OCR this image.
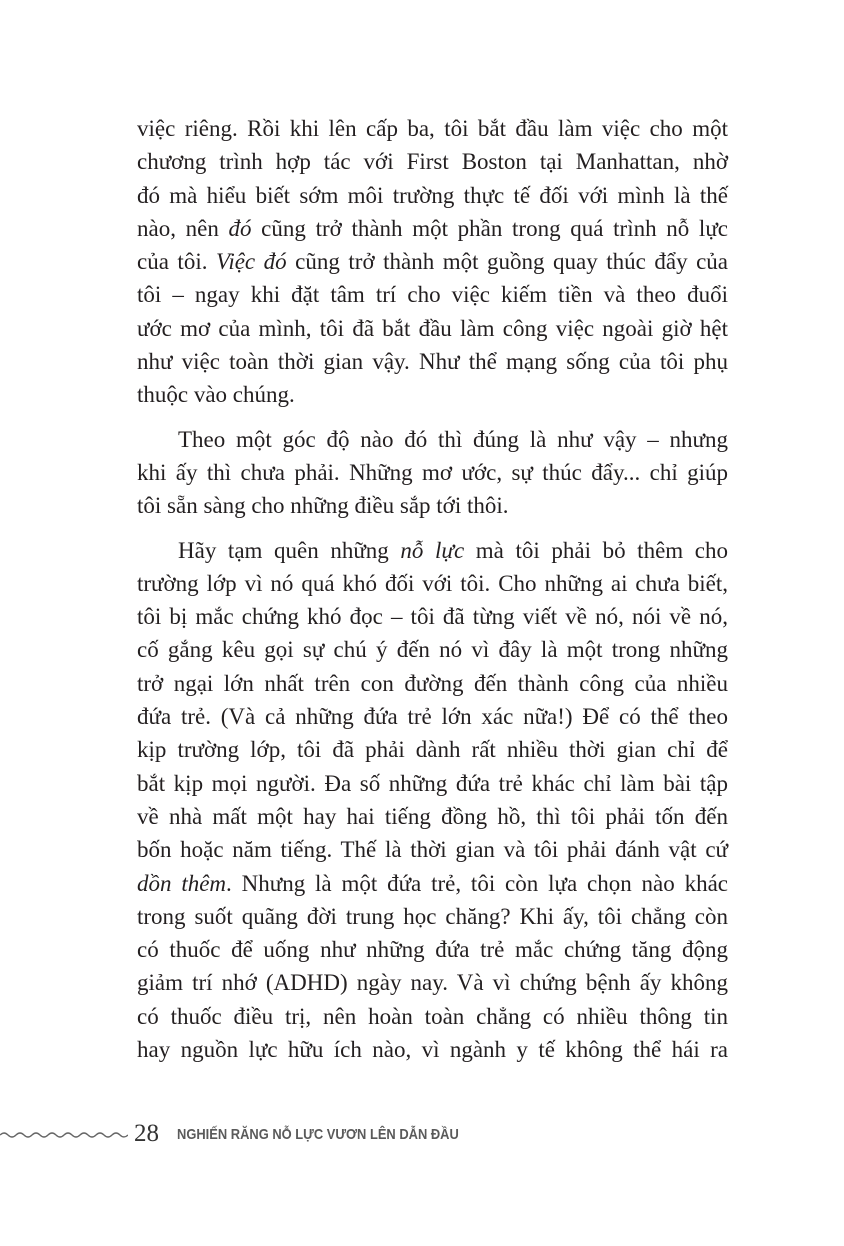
việc riêng. Rồi khi lên cấp ba, tôi bắt đầu làm việc cho một
chương trình hợp tác với First Boston tại Manhattan, nhờ
đó mà hiểu biết sớm môi trường thực tế đối với mình là thế
nào, nên đó cũng trở thành một phần trong quá trình nỗ lực
của tôi. Việc đó cũng trở thành một guồng quay thúc đẩy của
tôi – ngay khi đặt tâm trí cho việc kiếm tiền và theo đuổi
ước mơ của mình, tôi đã bắt đầu làm công việc ngoài giờ hệt
như việc toàn thời gian vậy. Như thể mạng sống của tôi phụ
thuộc vào chúng.
Theo một góc độ nào đó thì đúng là như vậy – nhưng
khi ấy thì chưa phải. Những mơ ước, sự thúc đẩy... chỉ giúp
tôi sẵn sàng cho những điều sắp tới thôi.
Hãy tạm quên những nỗ lực mà tôi phải bỏ thêm cho
trường lớp vì nó quá khó đối với tôi. Cho những ai chưa biết,
tôi bị mắc chứng khó đọc – tôi đã từng viết về nó, nói về nó,
cố gắng kêu gọi sự chú ý đến nó vì đây là một trong những
trở ngại lớn nhất trên con đường đến thành công của nhiều
đứa trẻ. (Và cả những đứa trẻ lớn xác nữa!) Để có thể theo
kịp trường lớp, tôi đã phải dành rất nhiều thời gian chỉ để
bắt kịp mọi người. Đa số những đứa trẻ khác chỉ làm bài tập
về nhà mất một hay hai tiếng đồng hồ, thì tôi phải tốn đến
bốn hoặc năm tiếng. Thế là thời gian và tôi phải đánh vật cứ
dồn thêm. Nhưng là một đứa trẻ, tôi còn lựa chọn nào khác
trong suốt quãng đời trung học chăng? Khi ấy, tôi chẳng còn
có thuốc để uống như những đứa trẻ mắc chứng tăng động
giảm trí nhớ (ADHD) ngày nay. Và vì chứng bệnh ấy không
có thuốc điều trị, nên hoàn toàn chẳng có nhiều thông tin
hay nguồn lực hữu ích nào, vì ngành y tế không thể hái ra
28 NGHIẾN RĂNG NỖ LỰC VƯƠN LÊN DẪN ĐẦU
